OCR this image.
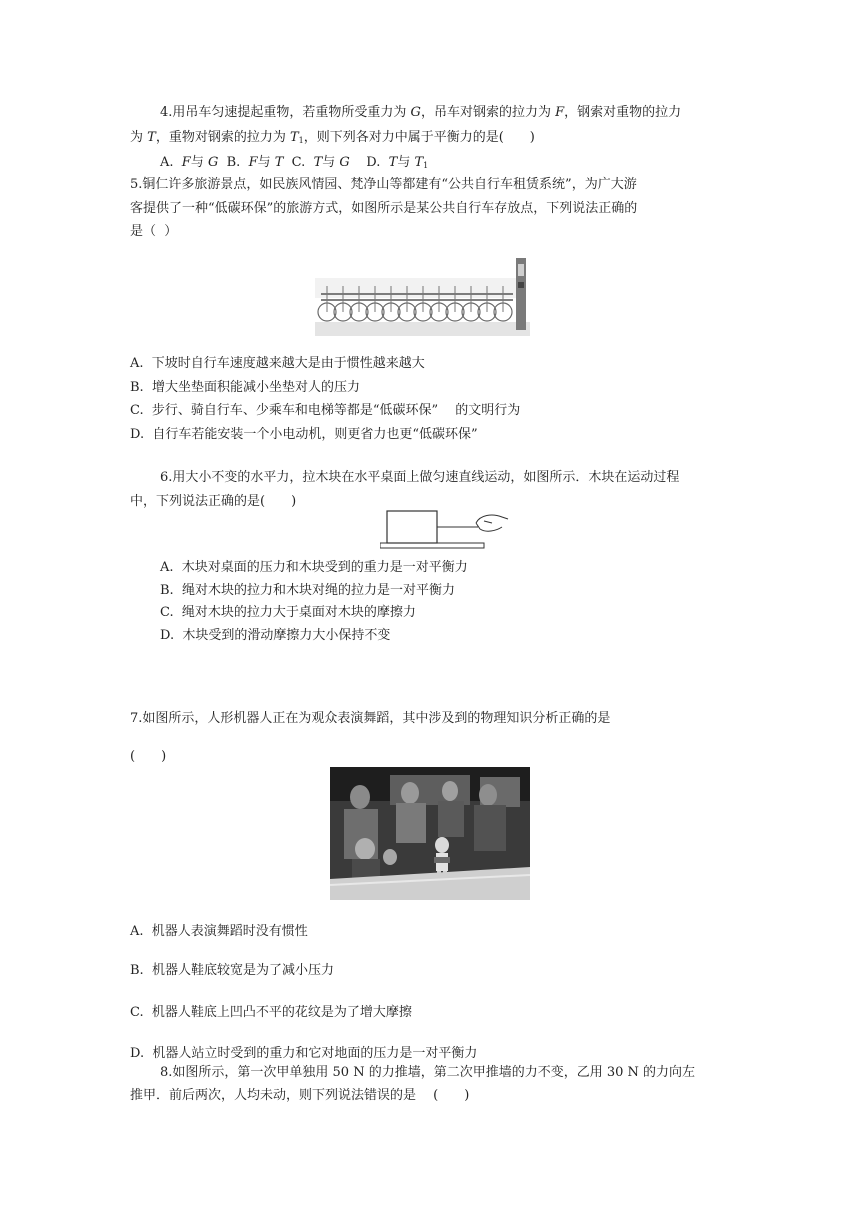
4.用吊车匀速提起重物，若重物所受重力为 G，吊车对钢索的拉力为 F，钢索对重物的拉力
为 T，重物对钢索的拉力为 $T_1$，则下列各对力中属于平衡力的是(　　)
A.  F与 G  B.  F与 T  C.  T与 G    D.  T与 $T_1$
5.铜仁许多旅游景点，如民族风情园、梵净山等都建有“公共自行车租赁系统”，为广大游
客提供了一种“低碳环保”的旅游方式，如图所示是某公共自行车存放点，下列说法正确的
是（  ）
A.  下坡时自行车速度越来越大是由于惯性越来越大
B.  增大坐垫面积能减小坐垫对人的压力
C.  步行、骑自行车、少乘车和电梯等都是“低碳环保”　 的文明行为
D.  自行车若能安装一个小电动机，则更省力也更“低碳环保”
6.用大小不变的水平力，拉木块在水平桌面上做匀速直线运动，如图所示．木块在运动过程
中，下列说法正确的是(　　)
A.  木块对桌面的压力和木块受到的重力是一对平衡力
B.  绳对木块的拉力和木块对绳的拉力是一对平衡力
C.  绳对木块的拉力大于桌面对木块的摩擦力
D.  木块受到的滑动摩擦力大小保持不变
7.如图所示，人形机器人正在为观众表演舞蹈，其中涉及到的物理知识分析正确的是
(　　)
A.  机器人表演舞蹈时没有惯性
B.  机器人鞋底较宽是为了减小压力
C.  机器人鞋底上凹凸不平的花纹是为了增大摩擦
D.  机器人站立时受到的重力和它对地面的压力是一对平衡力
8.如图所示，第一次甲单独用 50 N 的力推墙，第二次甲推墙的力不变，乙用 30 N 的力向左
推甲．前后两次，人均未动，则下列说法错误的是　 (　　)
